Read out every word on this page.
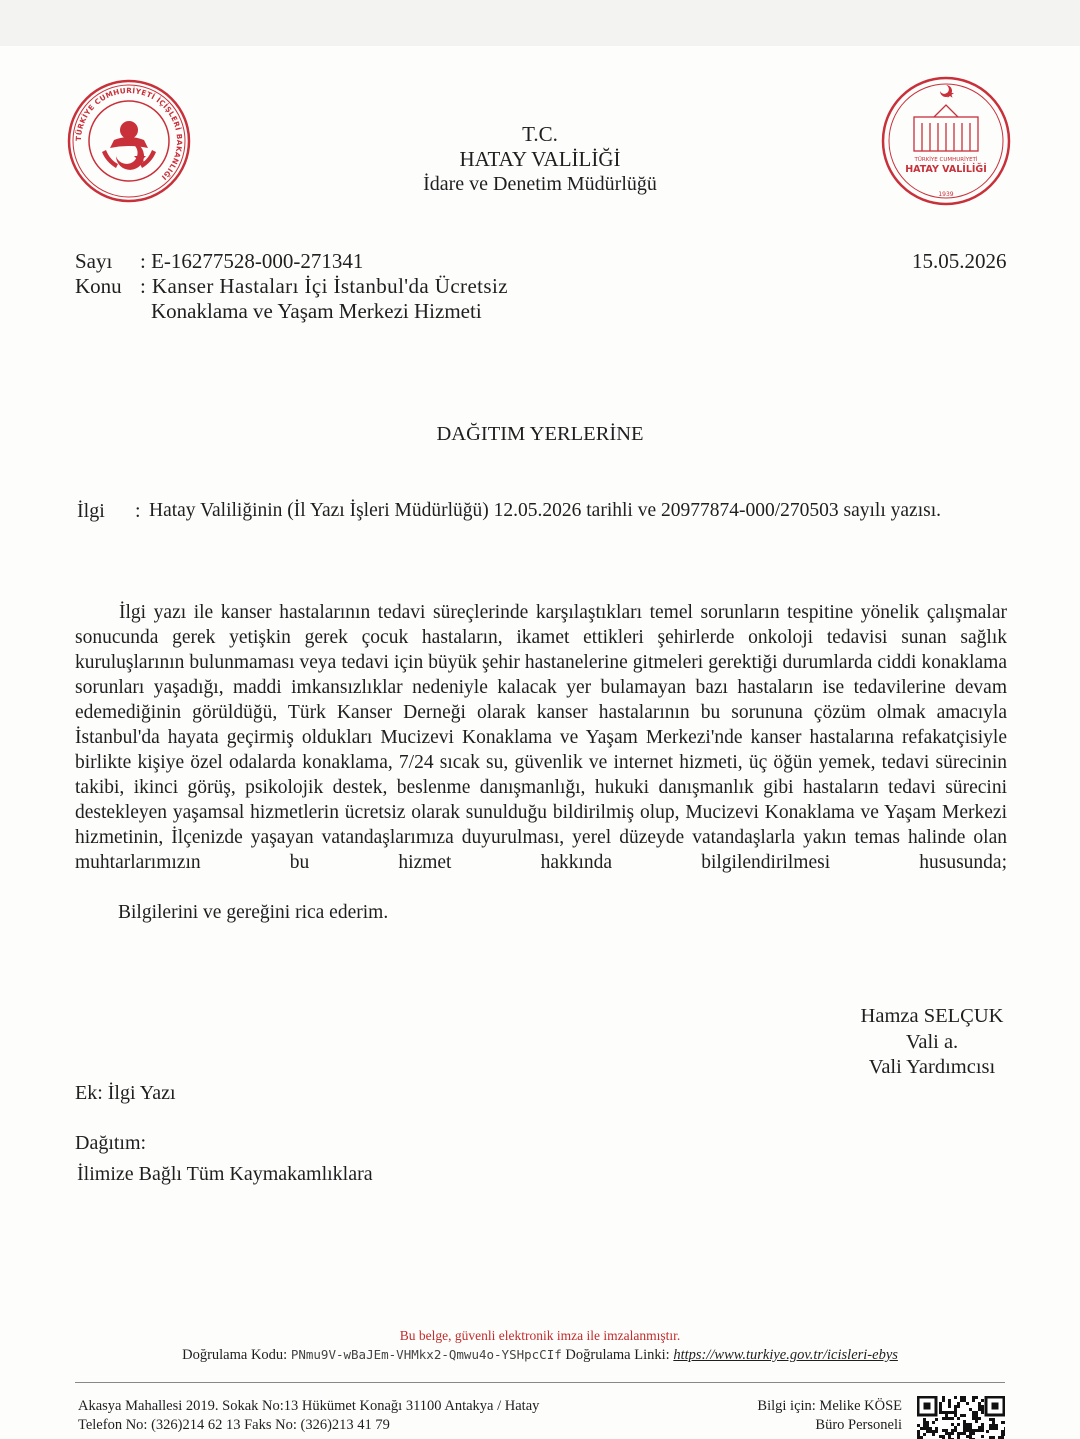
TÜRKİYE CUMHURİYETİ İÇİŞLERİ BAKANLIĞI
TÜRKİYE CUMHURİYETİ
HATAY VALİLİĞİ
1939
T.C.
HATAY VALİLİĞİ
İdare ve Denetim Müdürlüğü
Sayı : E-16277528-000-271341	15.05.2026
Konu : Kanser Hastaları İçi İstanbul'da Ücretsiz
Konaklama ve Yaşam Merkezi Hizmeti
DAĞITIM YERLERİNE
İlgi : Hatay Valiliğinin (İl Yazı İşleri Müdürlüğü) 12.05.2026 tarihli ve 20977874-000/270503 sayılı yazısı.

İlgi yazı ile kanser hastalarının tedavi süreçlerinde karşılaştıkları temel sorunların tespitine yönelik çalışmalar sonucunda gerek yetişkin gerek çocuk hastaların, ikamet ettikleri şehirlerde onkoloji tedavisi sunan sağlık kuruluşlarının bulunmaması veya tedavi için büyük şehir hastanelerine gitmeleri gerektiği durumlarda ciddi konaklama sorunları yaşadığı, maddi imkansızlıklar nedeniyle kalacak yer bulamayan bazı hastaların ise tedavilerine devam edemediğinin görüldüğü, Türk Kanser Derneği olarak kanser hastalarının bu sorununa çözüm olmak amacıyla İstanbul'da hayata geçirmiş oldukları Mucizevi Konaklama ve Yaşam Merkezi'nde kanser hastalarına refakatçisiyle birlikte kişiye özel odalarda konaklama, 7/24 sıcak su, güvenlik ve internet hizmeti, üç öğün yemek, tedavi sürecinin takibi, ikinci görüş, psikolojik destek, beslenme danışmanlığı, hukuki danışmanlık gibi hastaların tedavi sürecini destekleyen yaşamsal hizmetlerin ücretsiz olarak sunulduğu bildirilmiş olup, Mucizevi Konaklama ve Yaşam Merkezi hizmetinin, İlçenizde yaşayan vatandaşlarımıza duyurulması, yerel düzeyde vatandaşlarla yakın temas halinde olan muhtarlarımızın bu hizmet hakkında bilgilendirilmesi hususunda;

Bilgilerini ve gereğini rica ederim.
Hamza SELÇUK
Vali a.
Vali Yardımcısı
Ek: İlgi Yazı
Dağıtım:
İlimize Bağlı Tüm Kaymakamlıklara
Bu belge, güvenli elektronik imza ile imzalanmıştır.
Doğrulama Kodu: PNmu9V-wBaJEm-VHMkx2-Qmwu4o-YSHpcCIf Doğrulama Linki: https://www.turkiye.gov.tr/icisleri-ebys
Akasya Mahallesi 2019. Sokak No:13 Hükümet Konağı 31100 Antakya / Hatay
Telefon No: (326)214 62 13 Faks No: (326)213 41 79
Bilgi için: Melike KÖSE
Büro Personeli
